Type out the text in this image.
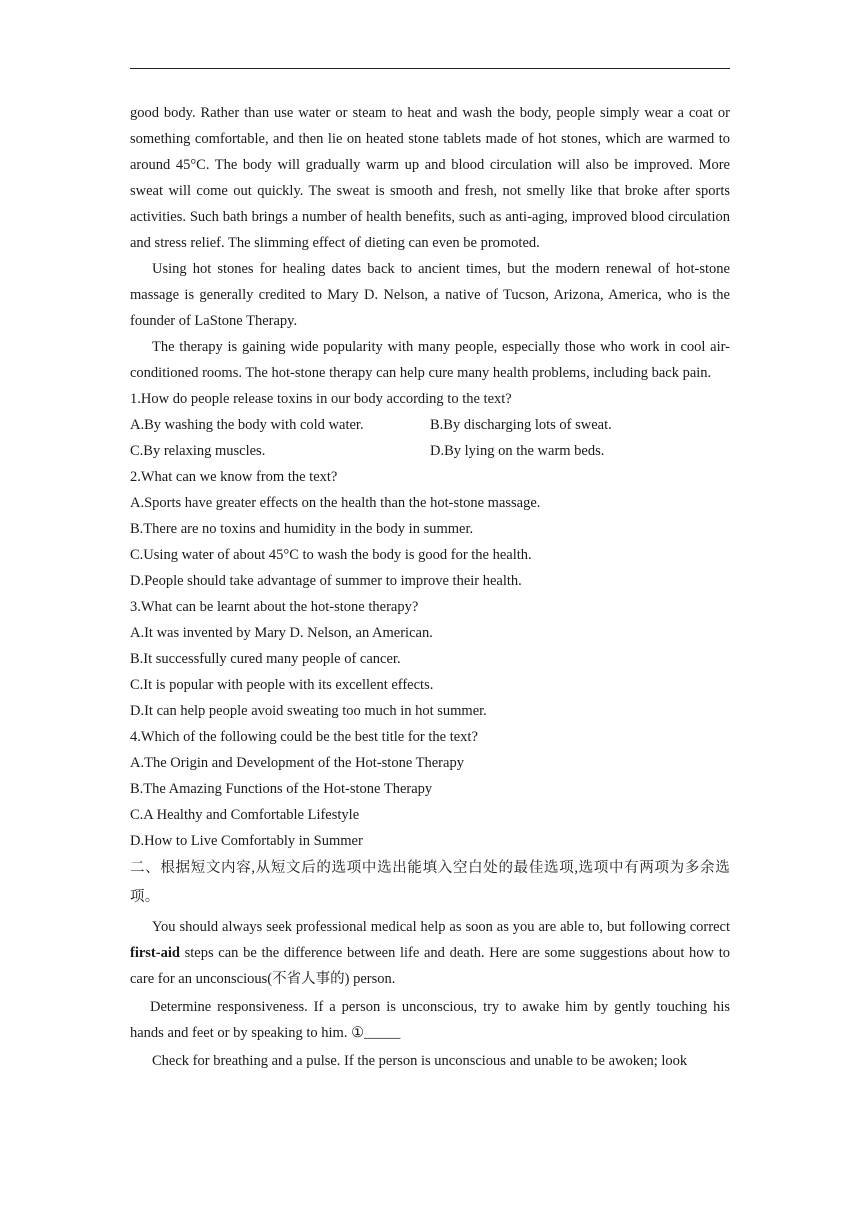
good body. Rather than use water or steam to heat and wash the body, people simply wear a coat or something comfortable, and then lie on heated stone tablets made of hot stones, which are warmed to around 45°C. The body will gradually warm up and blood circulation will also be improved. More sweat will come out quickly. The sweat is smooth and fresh, not smelly like that broke after sports activities. Such bath brings a number of health benefits, such as anti-aging, improved blood circulation and stress relief. The slimming effect of dieting can even be promoted.

Using hot stones for healing dates back to ancient times, but the modern renewal of hot-stone massage is generally credited to Mary D. Nelson, a native of Tucson, Arizona, America, who is the founder of LaStone Therapy.

The therapy is gaining wide popularity with many people, especially those who work in cool air-conditioned rooms. The hot-stone therapy can help cure many health problems, including back pain.

1.How do people release toxins in our body according to the text?

A.By washing the body with cold water.	B.By discharging lots of sweat.
C.By relaxing muscles.	D.By lying on the warm beds.

2.What can we know from the text?

A.Sports have greater effects on the health than the hot-stone massage.

B.There are no toxins and humidity in the body in summer.

C.Using water of about 45°C to wash the body is good for the health.

D.People should take advantage of summer to improve their health.

3.What can be learnt about the hot-stone therapy?

A.It was invented by Mary D. Nelson, an American.

B.It successfully cured many people of cancer.

C.It is popular with people with its excellent effects.

D.It can help people avoid sweating too much in hot summer.

4.Which of the following could be the best title for the text?

A.The Origin and Development of the Hot-stone Therapy

B.The Amazing Functions of the Hot-stone Therapy

C.A Healthy and Comfortable Lifestyle

D.How to Live Comfortably in Summer

二、根据短文内容,从短文后的选项中选出能填入空白处的最佳选项,选项中有两项为多余选项。

You should always seek professional medical help as soon as you are able to, but following correct first-aid steps can be the difference between life and death. Here are some suggestions about how to care for an unconscious(不省人事的) person.

Determine responsiveness. If a person is unconscious, try to awake him by gently touching his hands and feet or by speaking to him. ①_____

Check for breathing and a pulse. If the person is unconscious and unable to be awoken; look
